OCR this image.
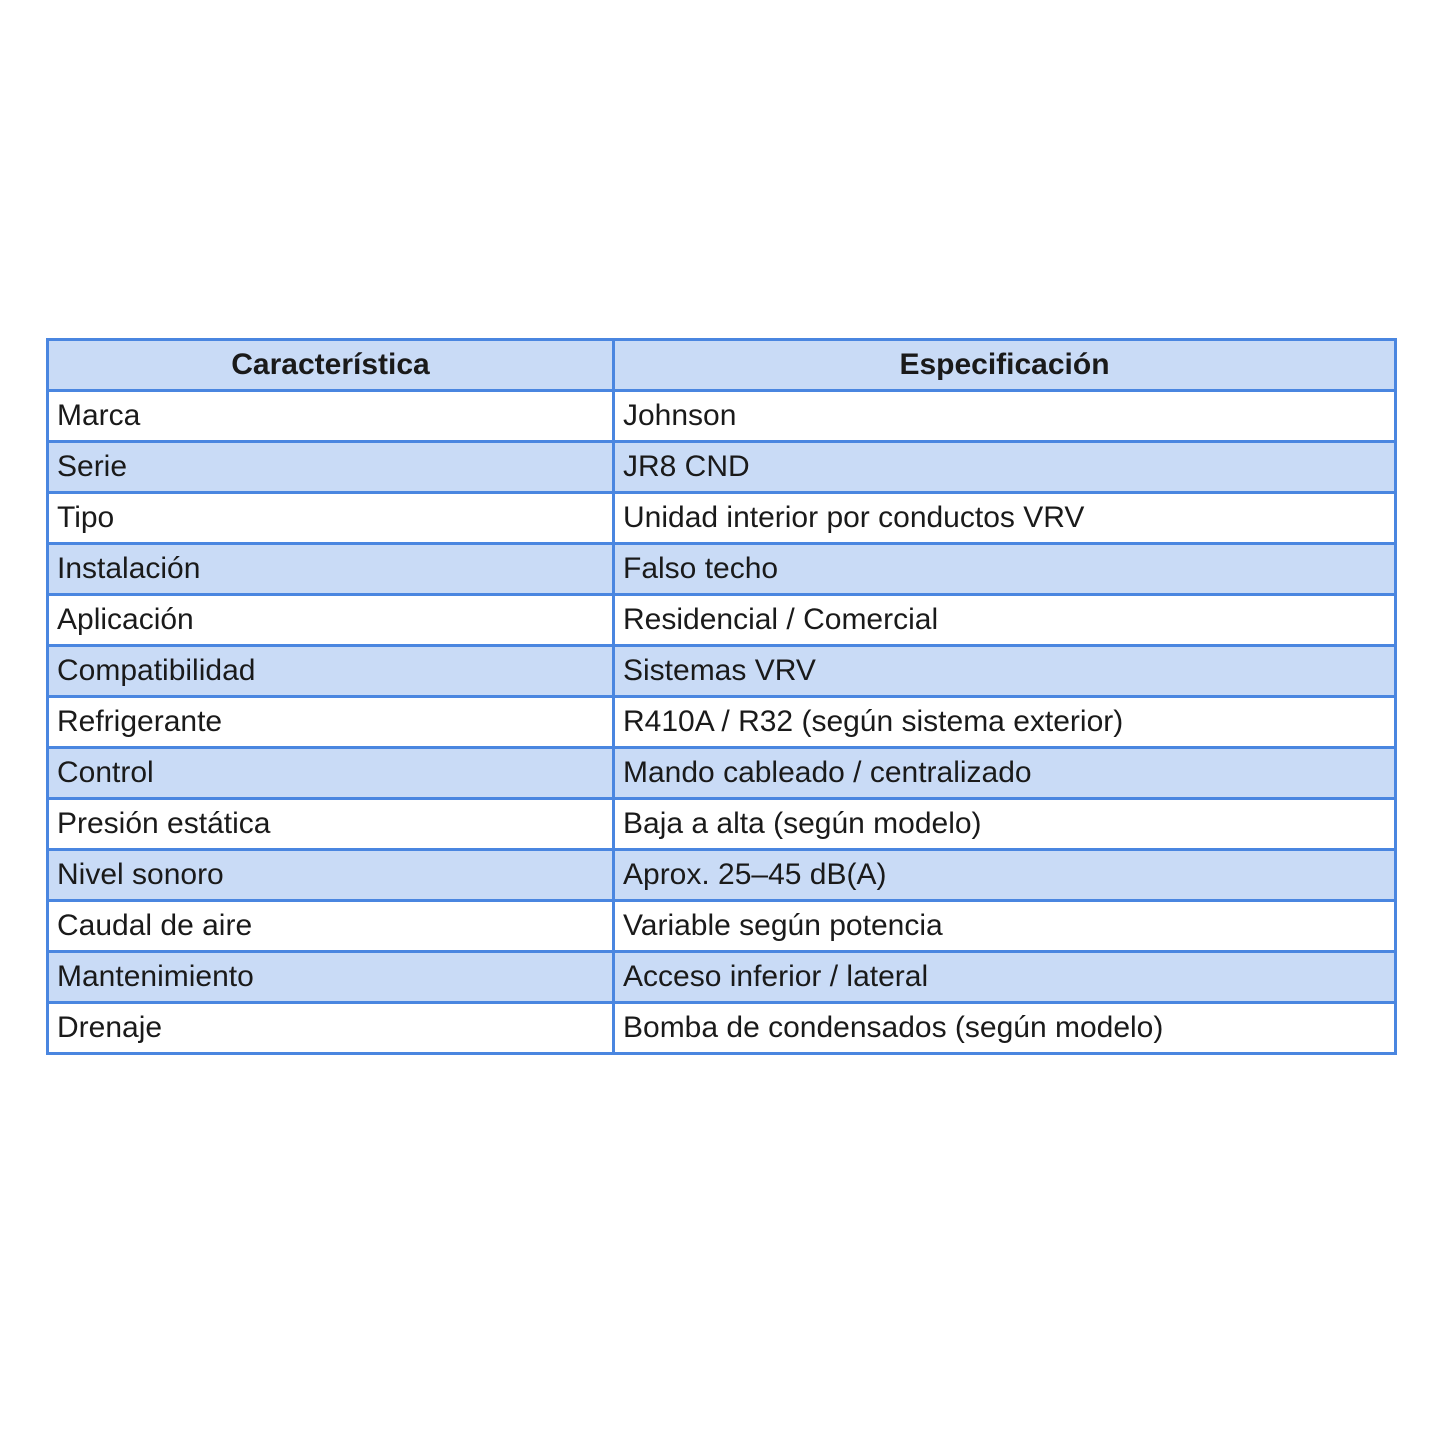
Característica	Especificación
Marca	Johnson
Serie	JR8 CND
Tipo	Unidad interior por conductos VRV
Instalación	Falso techo
Aplicación	Residencial / Comercial
Compatibilidad	Sistemas VRV
Refrigerante	R410A / R32 (según sistema exterior)
Control	Mando cableado / centralizado
Presión estática	Baja a alta (según modelo)
Nivel sonoro	Aprox. 25–45 dB(A)
Caudal de aire	Variable según potencia
Mantenimiento	Acceso inferior / lateral
Drenaje	Bomba de condensados (según modelo)
